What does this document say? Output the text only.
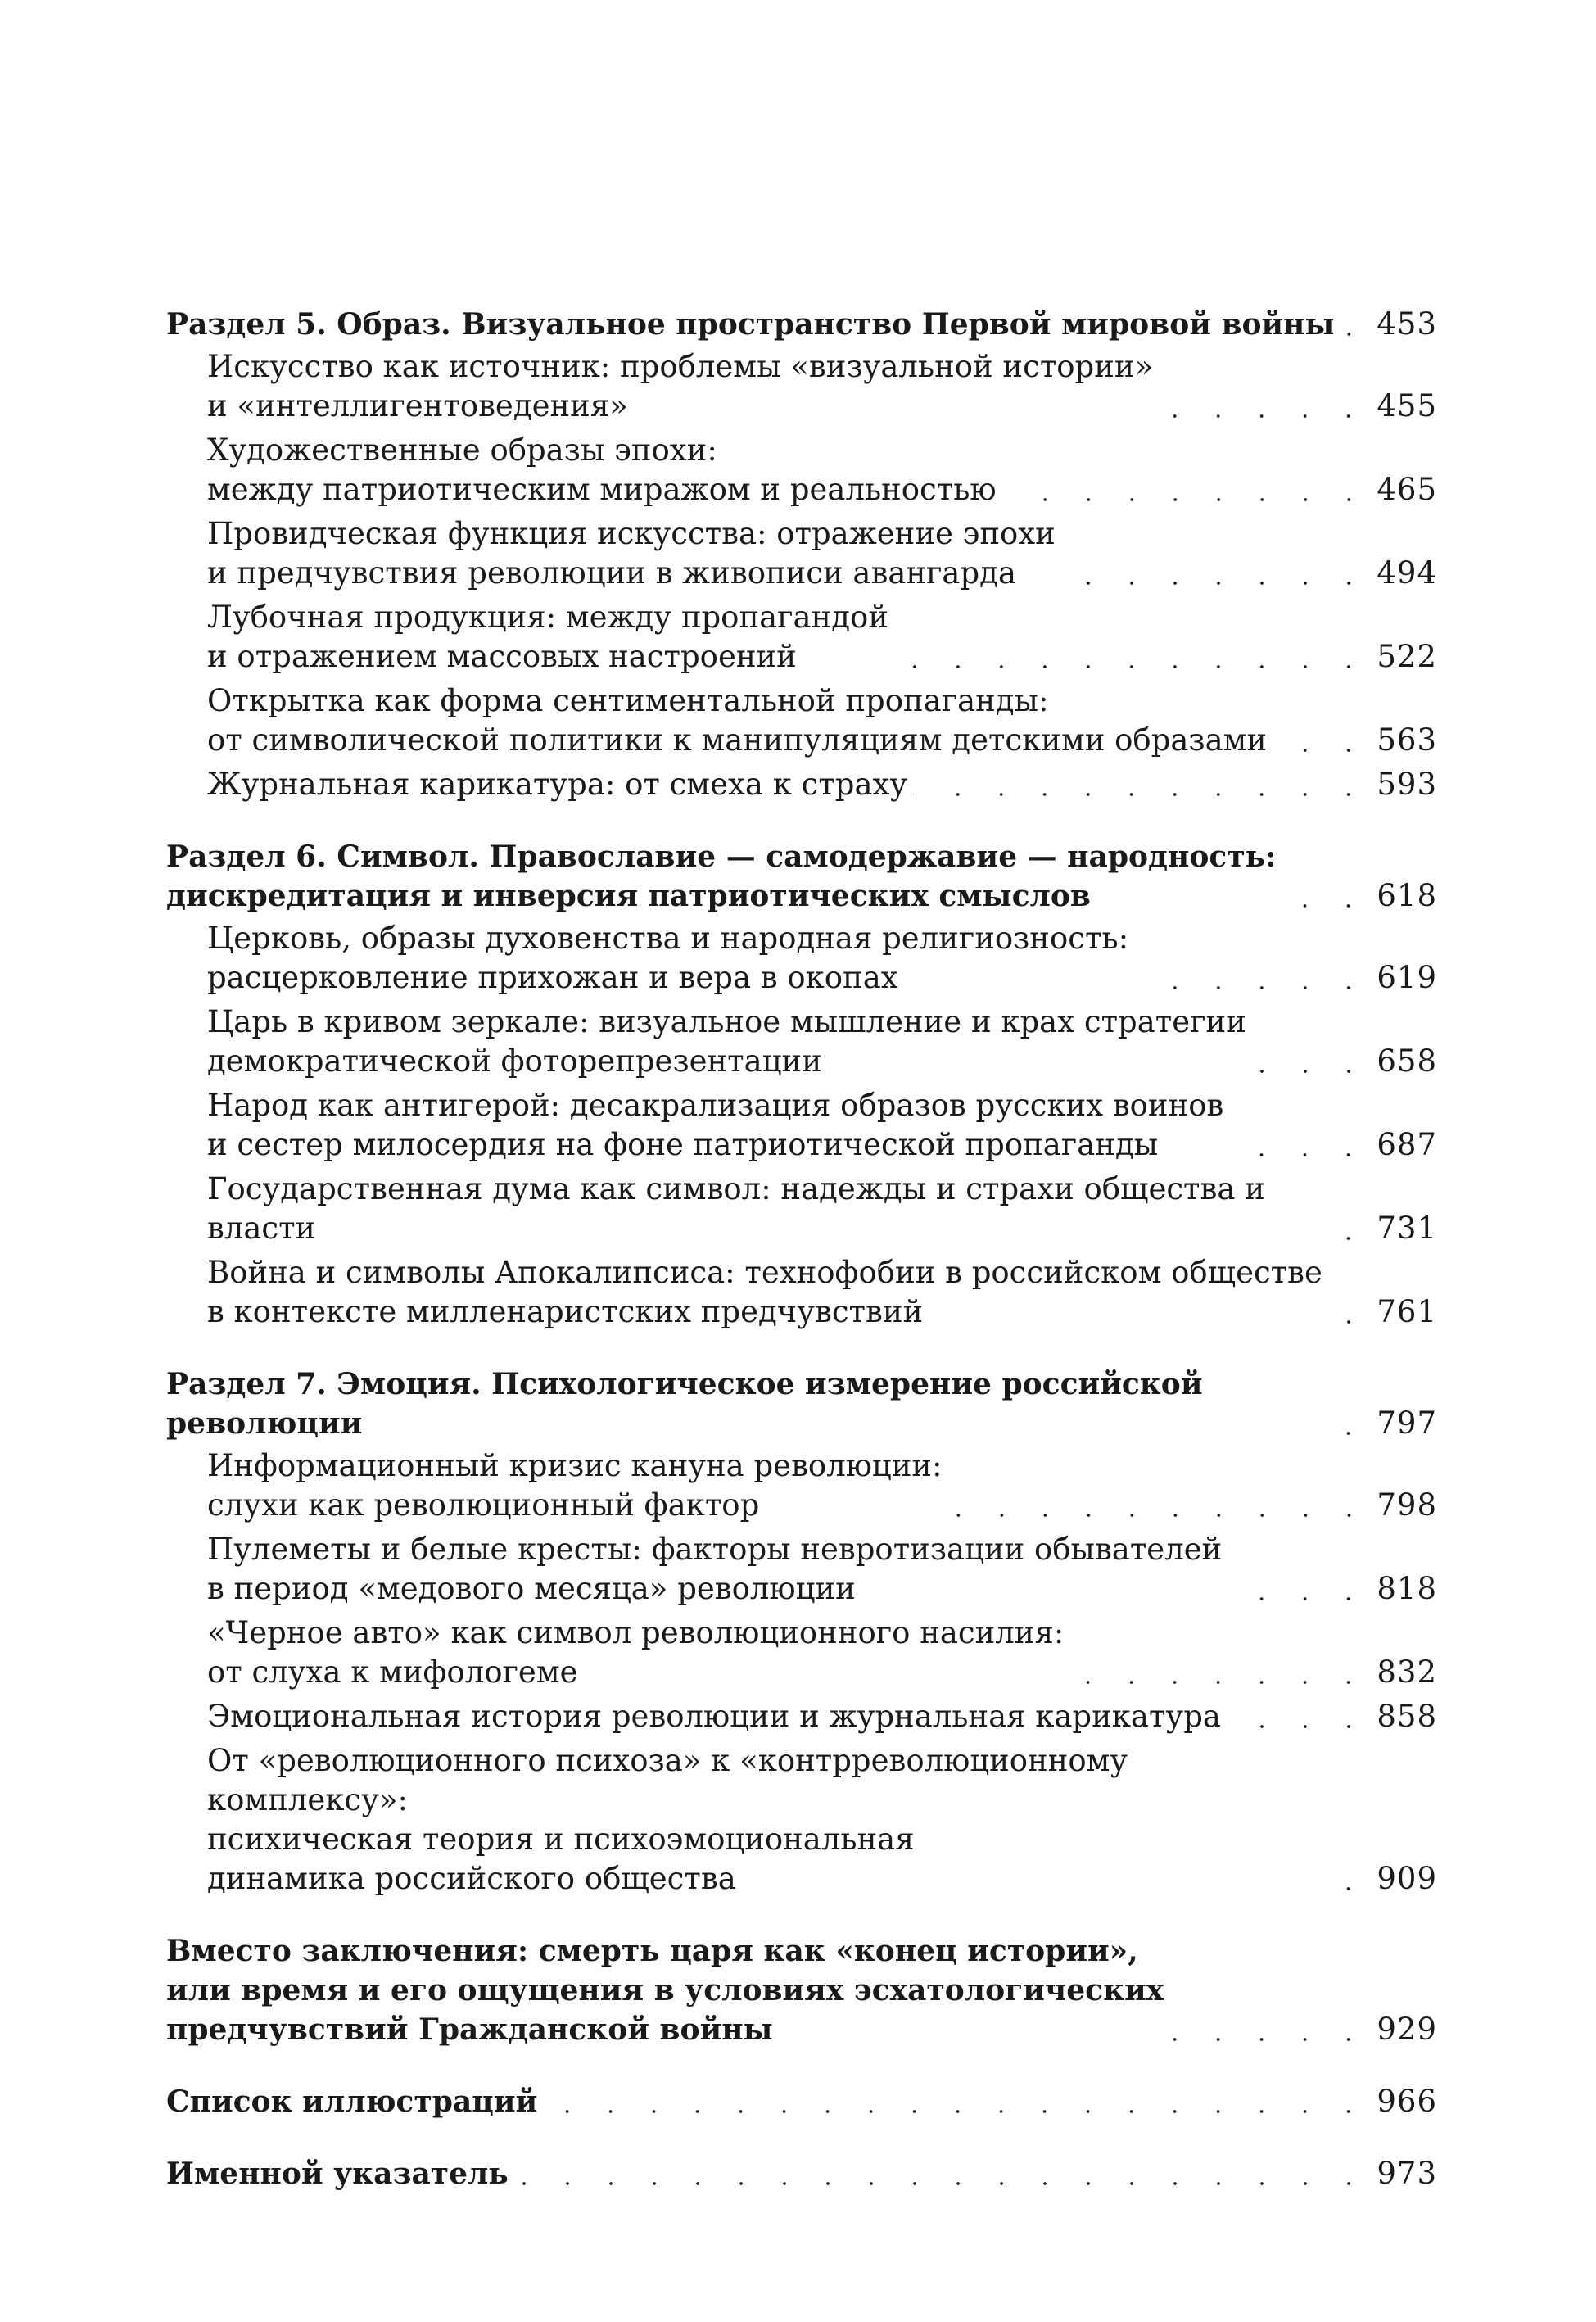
Раздел 5. Образ. Визуальное пространство Первой мировой войны 453
Искусство как источник: проблемы «визуальной истории»
и «интеллигентоведения»	455
Художественные образы эпохи:
между патриотическим миражом и реальностью	465
Провидческая функция искусства: отражение эпохи
и предчувствия революции в живописи авангарда	494
Лубочная продукция: между пропагандой
и отражением массовых настроений	522
Открытка как форма сентиментальной пропаганды:
от символической политики к манипуляциям детскими образами	563
Журнальная карикатура: от смеха к страху	593
Раздел 6. Символ. Православие — самодержавие — народность:
дискредитация и инверсия патриотических смыслов	618
Церковь, образы духовенства и народная религиозность:
расцерковление прихожан и вера в окопах	619
Царь в кривом зеркале: визуальное мышление и крах стратегии
демократической фоторепрезентации	658
Народ как антигерой: десакрализация образов русских воинов
и сестер милосердия на фоне патриотической пропаганды	687
Государственная дума как символ: надежды и страхи общества и власти	731
Война и символы Апокалипсиса: технофобии в российском обществе
в контексте милленаристских предчувствий	761
Раздел 7. Эмоция. Психологическое измерение российской революции	797
Информационный кризис кануна революции:
слухи как революционный фактор	798
Пулеметы и белые кресты: факторы невротизации обывателей
в период «медового месяца» революции	818
«Черное авто» как символ революционного насилия:
от слуха к мифологеме	832
Эмоциональная история революции и журнальная карикатура	858
От «революционного психоза» к «контрреволюционному комплексу»:
психическая теория и психоэмоциональная
динамика российского общества	909
Вместо заключения: смерть царя как «конец истории»,
или время и его ощущения в условиях эсхатологических
предчувствий Гражданской войны	929
Список иллюстраций	966
Именной указатель	973
